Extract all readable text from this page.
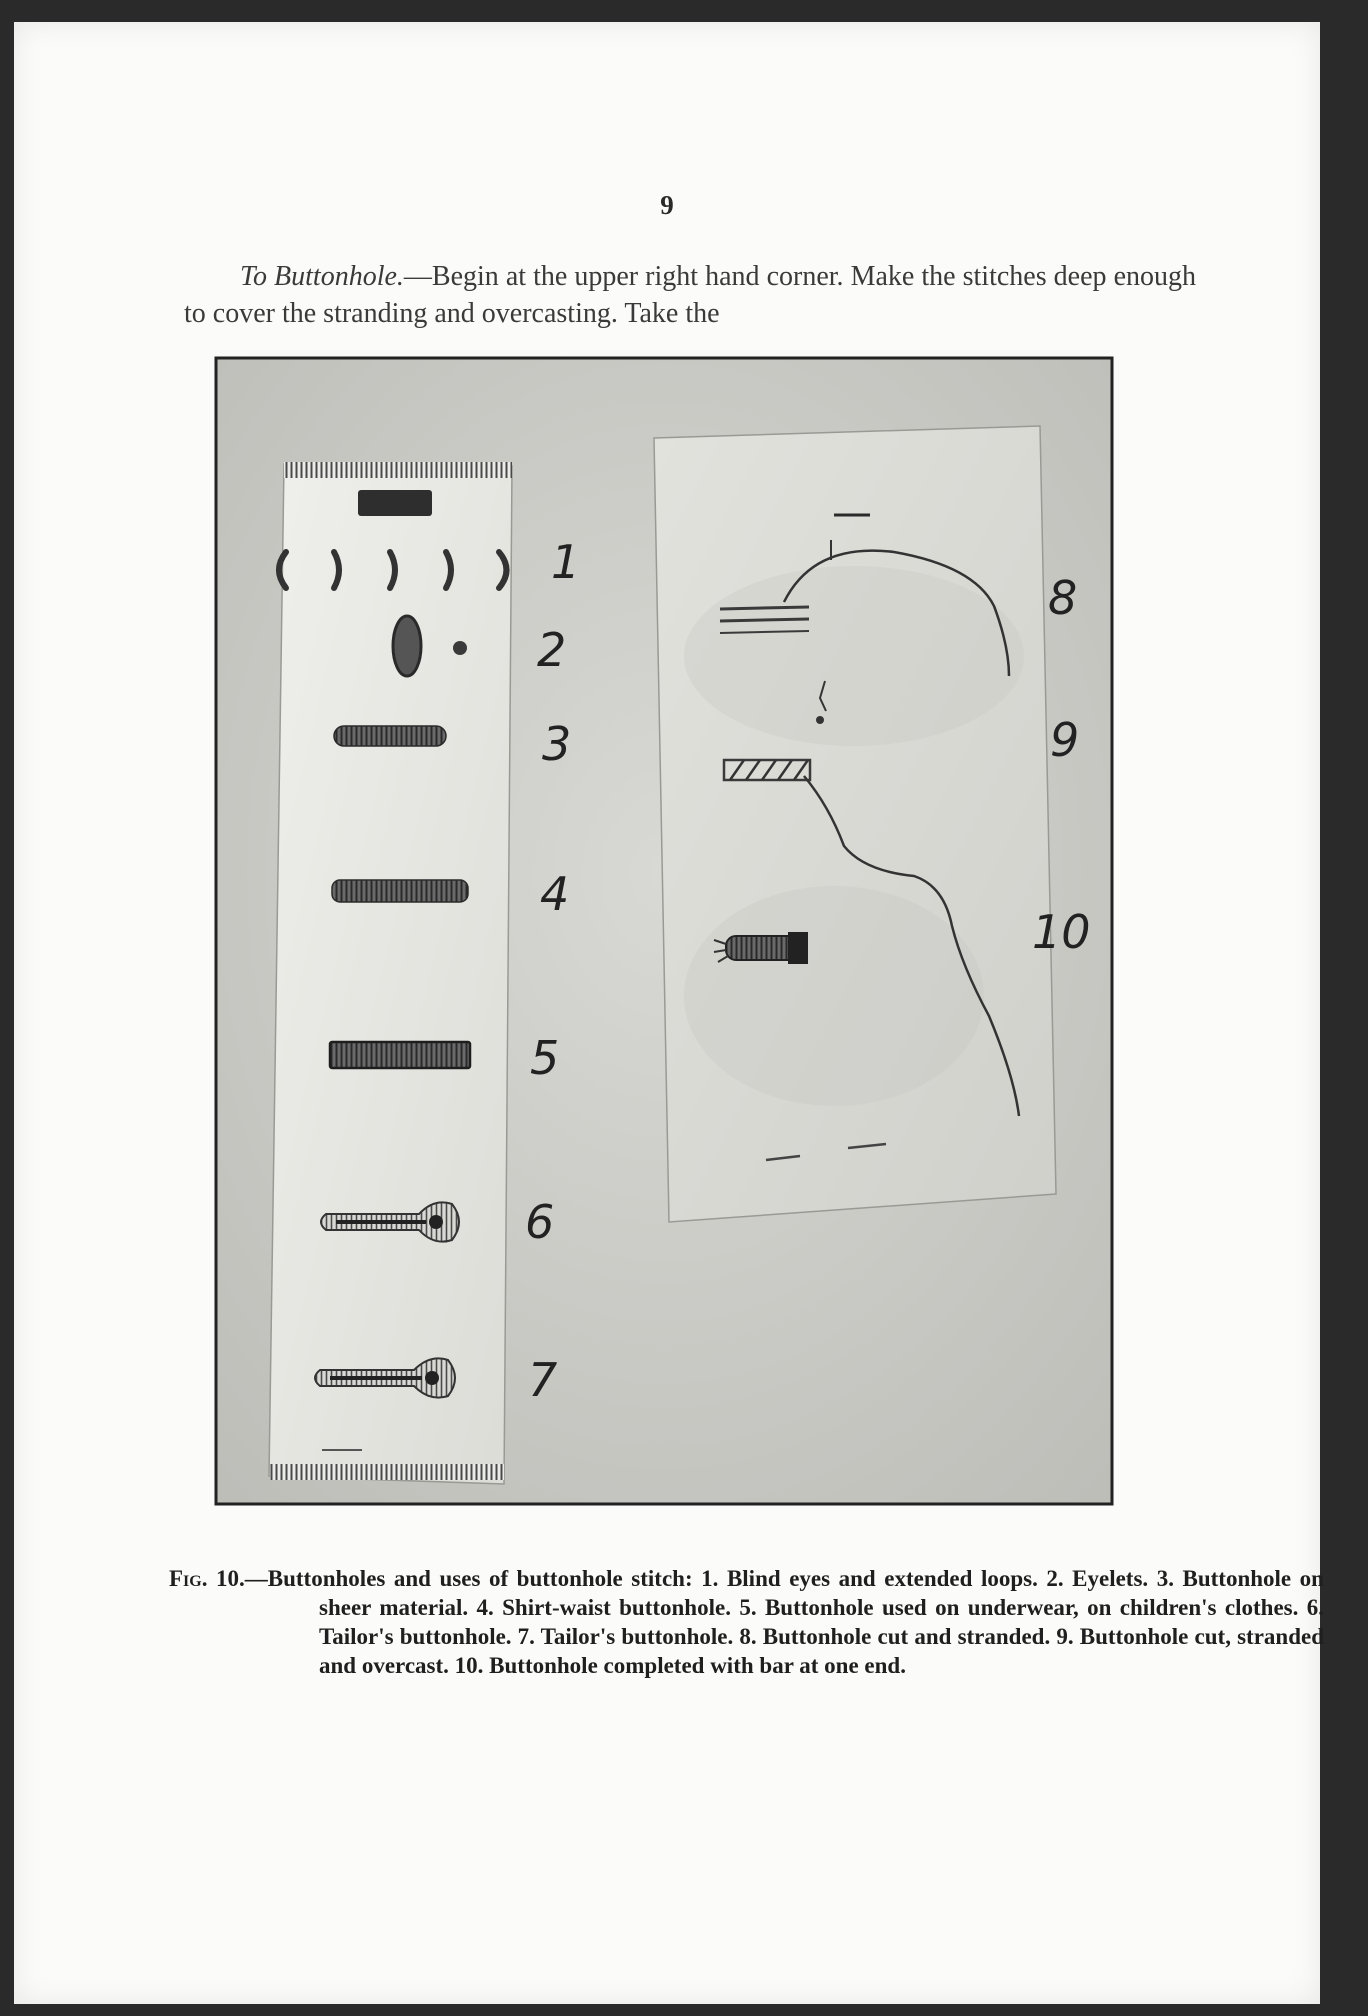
9
To Buttonhole.—Begin at the upper right hand corner. Make the stitches deep enough to cover the stranding and overcasting. Take the
1
2
3
4
5
6
7
8
9
10
Fig. 10.—Buttonholes and uses of buttonhole stitch: 1. Blind eyes and extended loops. 2. Eyelets. 3. Buttonhole on sheer material. 4. Shirt-waist buttonhole. 5. Buttonhole used on underwear, on children's clothes. 6. Tailor's buttonhole. 7. Tailor's buttonhole. 8. Buttonhole cut and stranded. 9. Buttonhole cut, stranded and overcast. 10. Buttonhole completed with bar at one end.
